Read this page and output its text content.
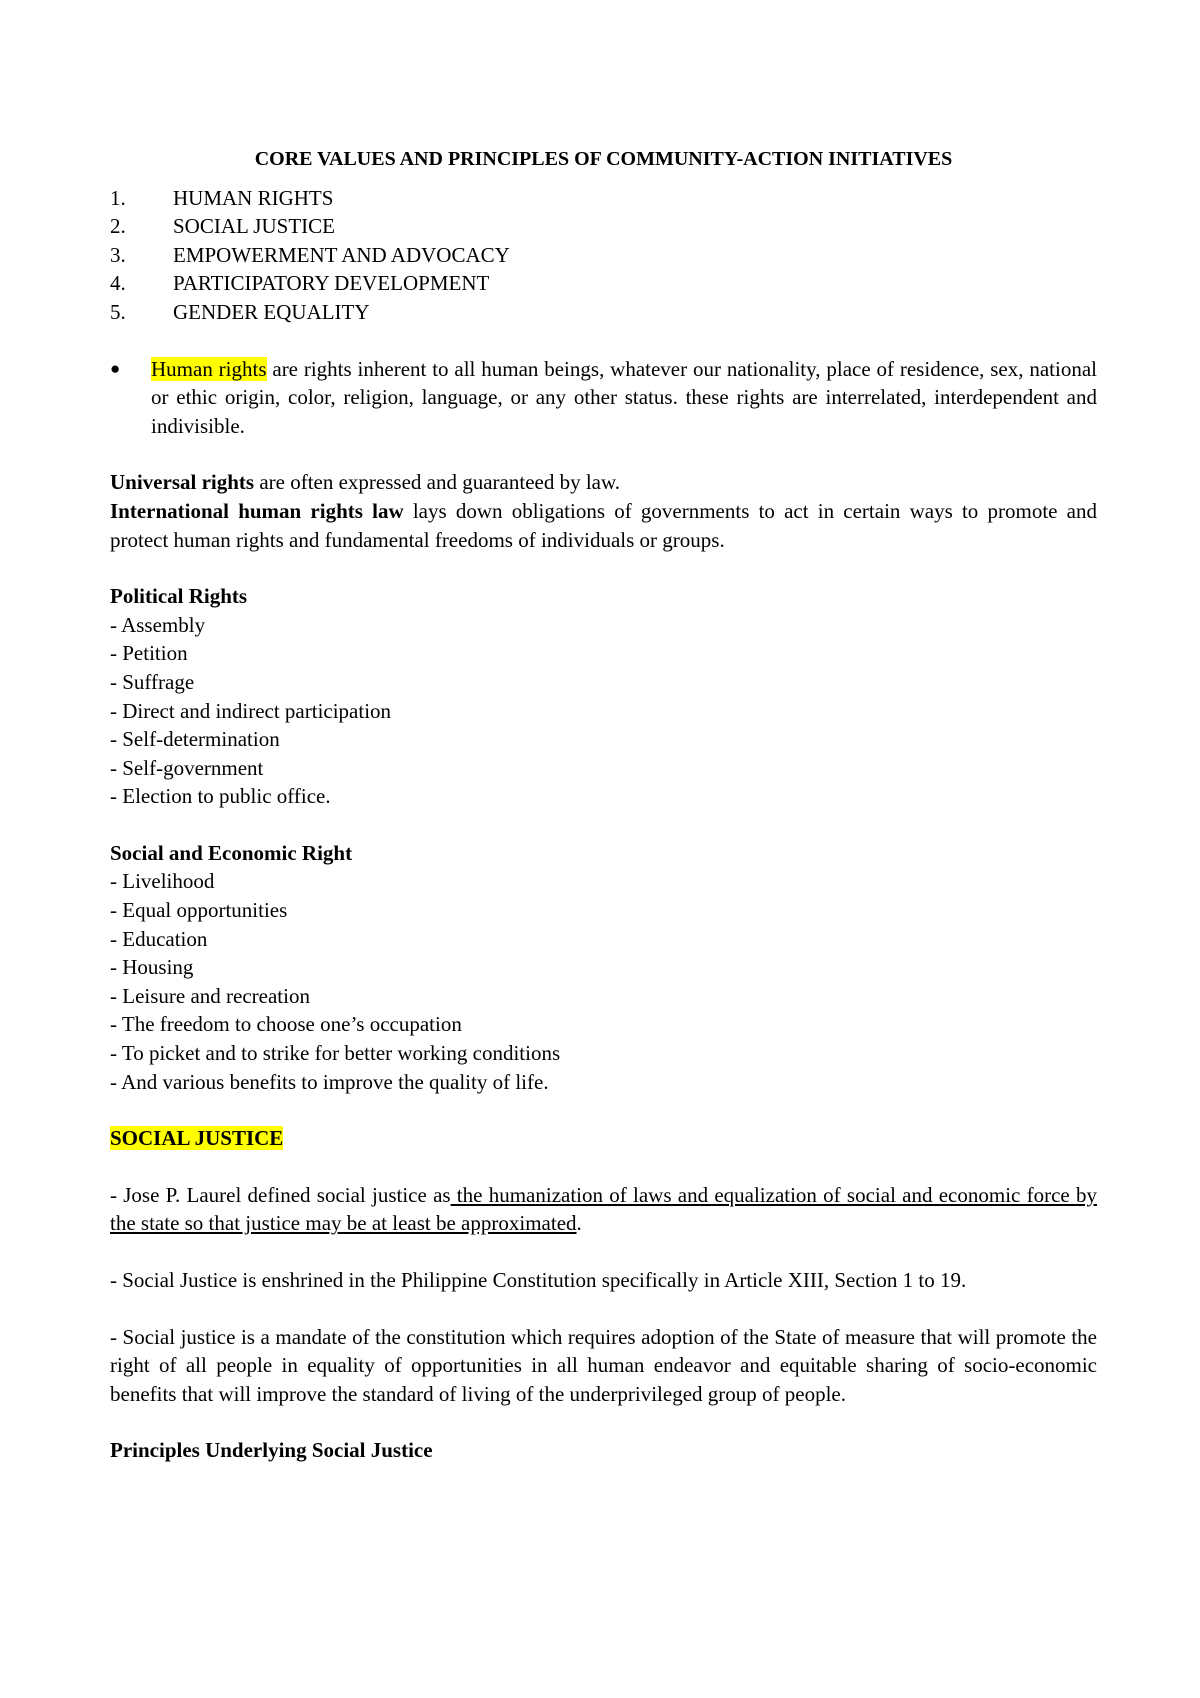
CORE VALUES AND PRINCIPLES OF COMMUNITY-ACTION INITIATIVES
1.	HUMAN RIGHTS
2.	SOCIAL JUSTICE
3.	EMPOWERMENT AND ADVOCACY
4.	PARTICIPATORY DEVELOPMENT
5.	GENDER EQUALITY
●	Human rights are rights inherent to all human beings, whatever our nationality, place of residence, sex, national or ethic origin, color, religion, language, or any other status. these rights are interrelated, interdependent and indivisible.

Universal rights are often expressed and guaranteed by law.

International human rights law lays down obligations of governments to act in certain ways to promote and protect human rights and fundamental freedoms of individuals or groups.

Political Rights

- Assembly

- Petition

- Suffrage

- Direct and indirect participation

- Self-determination

- Self-government

- Election to public office.

Social and Economic Right

- Livelihood

- Equal opportunities

- Education

- Housing

- Leisure and recreation

- The freedom to choose one’s occupation

- To picket and to strike for better working conditions

- And various benefits to improve the quality of life.

SOCIAL JUSTICE

- Jose P. Laurel defined social justice as the humanization of laws and equalization of social and economic force by the state so that justice may be at least be approximated.

- Social Justice is enshrined in the Philippine Constitution specifically in Article XIII, Section 1 to 19.

- Social justice is a mandate of the constitution which requires adoption of the State of measure that will promote the right of all people in equality of opportunities in all human endeavor and equitable sharing of socio-economic benefits that will improve the standard of living of the underprivileged group of people.

Principles Underlying Social Justice
